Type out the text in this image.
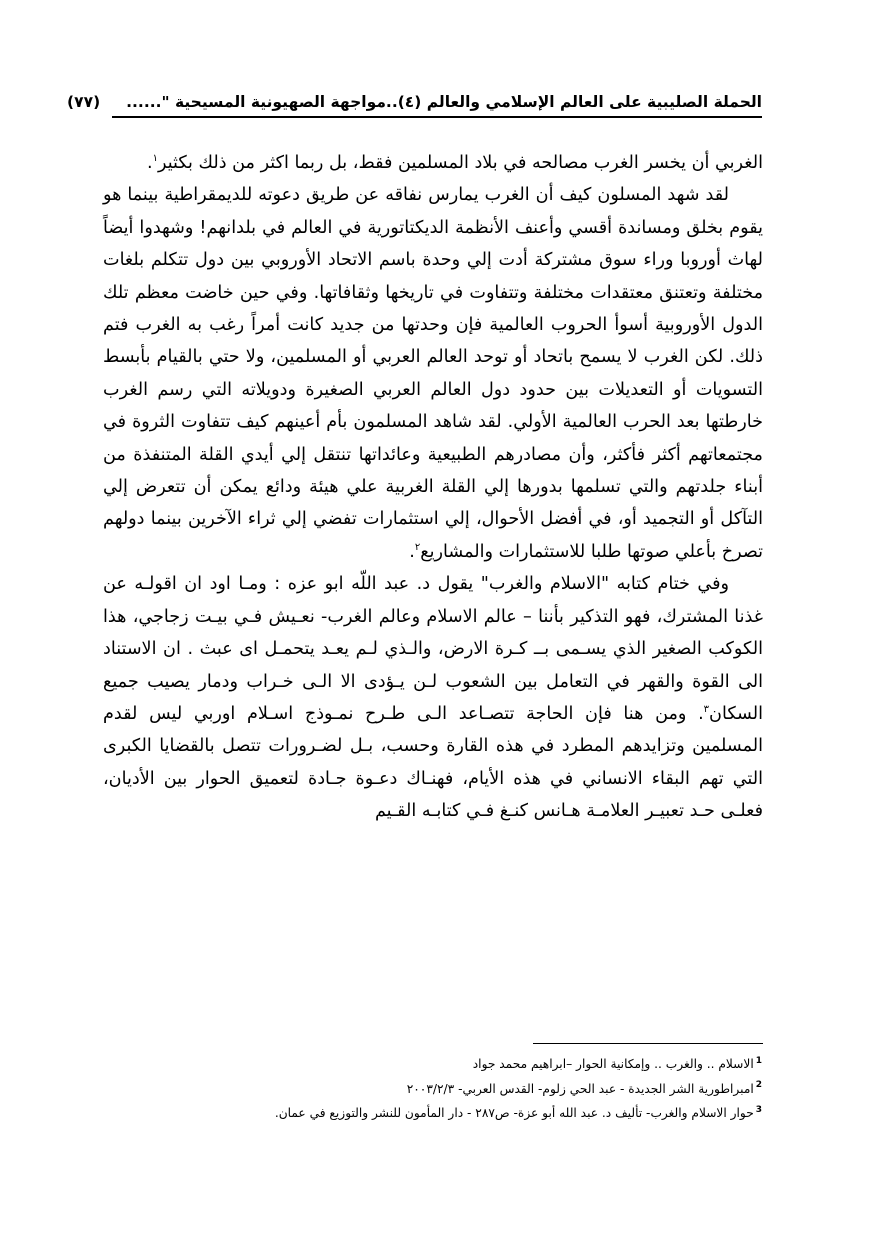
الحملة الصليبية على العالم الإسلامي والعالم (٤)..مواجهة الصهيونية المسيحية "......
(٧٧)

الغربي أن يخسر الغرب مصالحه في بلاد المسلمين فقط، بل ربما اكثر من ذلك بكثير$^١$.

لقد شهد المسلون كيف أن الغرب يمارس نفاقه عن طريق دعوته للديمقراطية بينما هو يقوم بخلق ومساندة أقسي وأعنف الأنظمة الديكتاتورية في العالم في بلدانهم! وشهدوا أيضاً لهاث أوروبا وراء سوق مشتركة أدت إلي وحدة باسم الاتحاد الأوروبي بين دول تتكلم بلغات مختلفة وتعتنق معتقدات مختلفة وتتفاوت في تاريخها وثقافاتها. وفي حين خاضت معظم تلك الدول الأوروبية أسوأ الحروب العالمية فإن وحدتها من جديد كانت أمراً رغب به الغرب فتم ذلك. لكن الغرب لا يسمح باتحاد أو توحد العالم العربي أو المسلمين، ولا حتي بالقيام بأبسط التسويات أو التعديلات بين حدود دول العالم العربي الصغيرة ودويلاته التي رسم الغرب خارطتها بعد الحرب العالمية الأولي. لقد شاهد المسلمون بأم أعينهم كيف تتفاوت الثروة في مجتمعاتهم أكثر فأكثر، وأن مصادرهم الطبيعية وعائداتها تنتقل إلي أيدي القلة المتنفذة من أبناء جلدتهم والتي تسلمها بدورها إلي القلة الغربية علي هيئة ودائع يمكن أن تتعرض إلي التآكل أو التجميد أو، في أفضل الأحوال، إلي استثمارات تفضي إلي ثراء الآخرين بينما دولهم تصرخ بأعلي صوتها طلبا للاستثمارات والمشاريع$^٢$.

وفي ختام كتابه "الاسلام والغرب" يقول د. عبد اللّه ابو عزه : ومـا اود ان اقولـه عن غذنا المشترك، فهو التذكير بأننا – عالم الاسلام وعالم الغرب- نعـيش فـي بيـت زجاجي، هذا الكوكب الصغير الذي يسـمى بــ كـرة الارض، والـذي لـم يعـد يتحمـل اى عبث . ان الاستناد الى القوة والقهر في التعامل بين الشعوب لـن يـؤدى الا الـى خـراب ودمار يصيب جميع السكان$^٣$. ومن هنا فإن الحاجة تتصـاعد الـى طـرح نمـوذج اسـلام اوربي ليس لقدم المسلمين وتزايدهم المطرد في هذه القارة وحسب، بـل لضـرورات تتصل بالقضايا الكبرى التي تهم البقاء الانساني في هذه الأيام، فهنـاك دعـوة جـادة لتعميق الحوار بين الأديان، فعلـى حـد تعبيـر العلامـة هـانس كنـغ فـي كتابـه القـيم

$^1$الاسلام .. والغرب .. وإمكانية الحوار –ابراهيم محمد جواد
$^2$امبراطورية الشر الجديدة - عبد الحي زلوم- القدس العربي- ٢٠٠٣/٢/٣
$^3$حوار الاسلام والغرب- تأليف د. عبد الله أبو عزة- ص٢٨٧ - دار المأمون للنشر والتوزيع في عمان.
